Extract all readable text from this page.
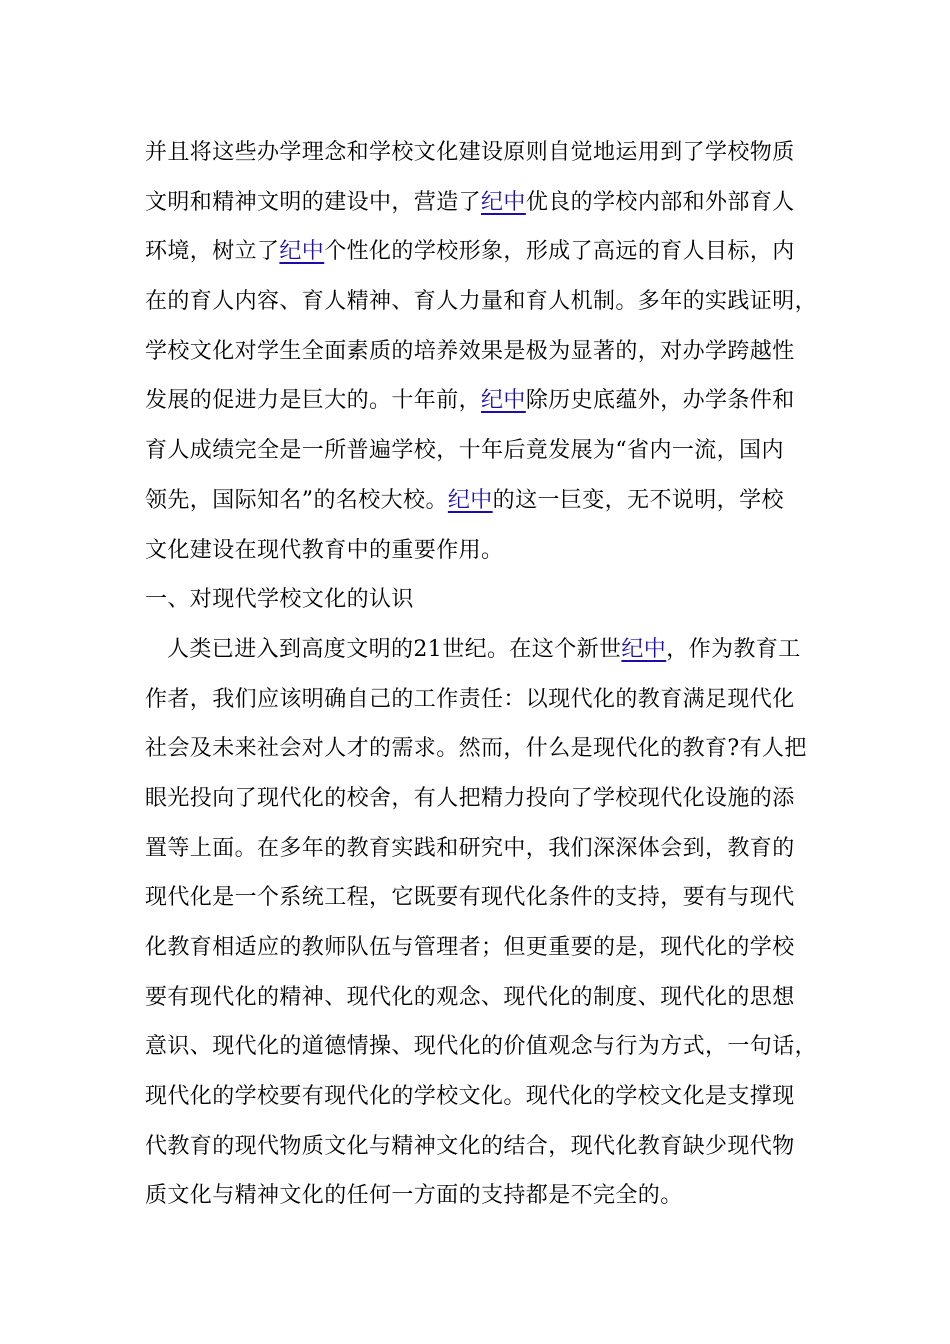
并且将这些办学理念和学校文化建设原则自觉地运用到了学校物质
文明和精神文明的建设中，营造了纪中优良的学校内部和外部育人
环境，树立了纪中个性化的学校形象，形成了高远的育人目标，内
在的育人内容、育人精神、育人力量和育人机制。多年的实践证明，
学校文化对学生全面素质的培养效果是极为显著的，对办学跨越性
发展的促进力是巨大的。十年前，纪中除历史底蕴外，办学条件和
育人成绩完全是一所普遍学校，十年后竟发展为“省内一流，国内
领先，国际知名”的名校大校。纪中的这一巨变，无不说明，学校
文化建设在现代教育中的重要作用。
一、对现代学校文化的认识
人类已进入到高度文明的21世纪。在这个新世纪中，作为教育工
作者，我们应该明确自己的工作责任：以现代化的教育满足现代化
社会及未来社会对人才的需求。然而，什么是现代化的教育?有人把
眼光投向了现代化的校舍，有人把精力投向了学校现代化设施的添
置等上面。在多年的教育实践和研究中，我们深深体会到，教育的
现代化是一个系统工程，它既要有现代化条件的支持，要有与现代
化教育相适应的教师队伍与管理者；但更重要的是，现代化的学校
要有现代化的精神、现代化的观念、现代化的制度、现代化的思想
意识、现代化的道德情操、现代化的价值观念与行为方式，一句话，
现代化的学校要有现代化的学校文化。现代化的学校文化是支撑现
代教育的现代物质文化与精神文化的结合，现代化教育缺少现代物
质文化与精神文化的任何一方面的支持都是不完全的。
